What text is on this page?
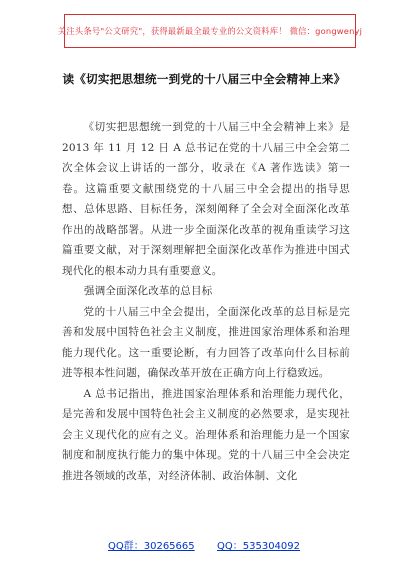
关注头条号"公文研究"，获得最新最全最专业的公文资料库！ 微信：gongwenyj
读《切实把思想统一到党的十八届三中全会精神上来》

《切实把思想统一到党的十八届三中全会精神上来》是 2013 年 11 月 12 日 A 总书记在党的十八届三中全会第二次全体会议上讲话的一部分，收录在《A 著作选读》第一卷。这篇重要文献围绕党的十八届三中全会提出的指导思想、总体思路、目标任务，深刻阐释了全会对全面深化改革作出的战略部署。从进一步全面深化改革的视角重读学习这篇重要文献，对于深刻理解把全面深化改革作为推进中国式现代化的根本动力具有重要意义。

强调全面深化改革的总目标

党的十八届三中全会提出，全面深化改革的总目标是完善和发展中国特色社会主义制度，推进国家治理体系和治理能力现代化。这一重要论断，有力回答了改革向什么目标前进等根本性问题，确保改革开放在正确方向上行稳致远。

A 总书记指出，推进国家治理体系和治理能力现代化，是完善和发展中国特色社会主义制度的必然要求，是实现社会主义现代化的应有之义。治理体系和治理能力是一个国家制度和制度执行能力的集中体现。党的十八届三中全会决定推进各领域的改革，对经济体制、政治体制、文化

QQ群：30265665 QQ：535304092
